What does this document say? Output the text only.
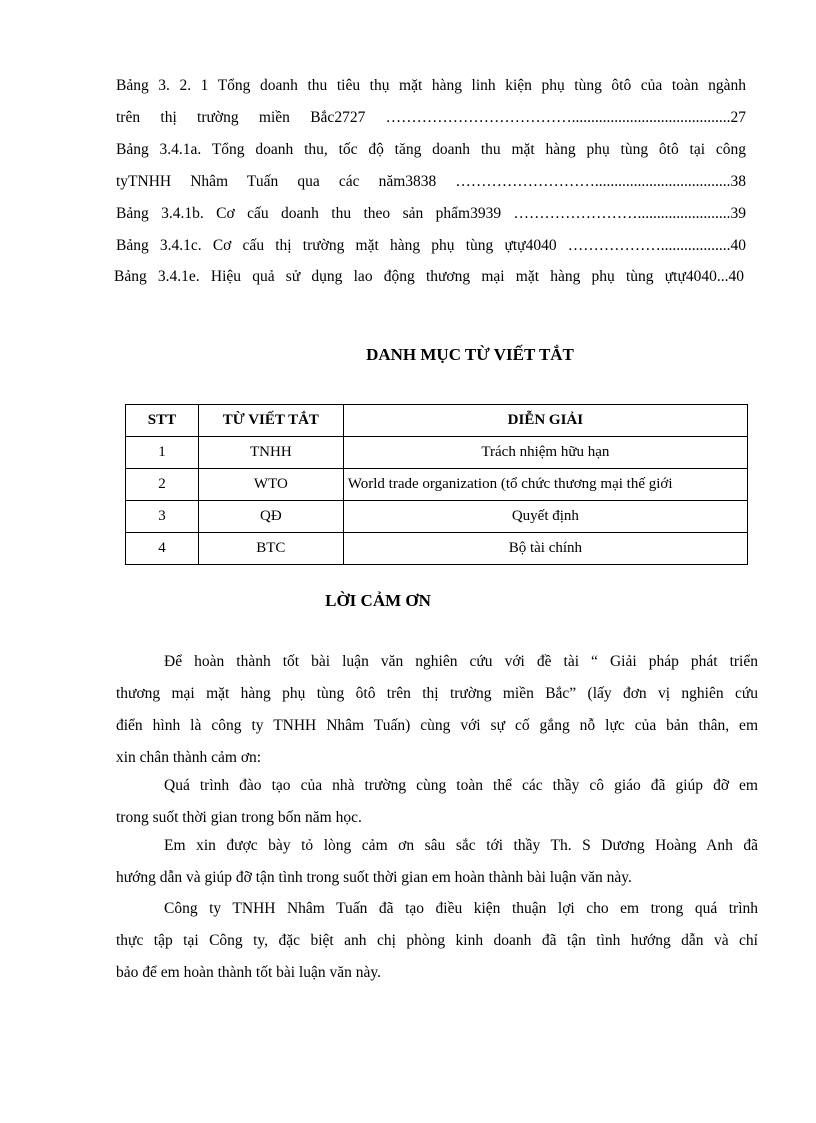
Bảng 3. 2. 1 Tổng doanh thu tiêu thụ mặt hàng linh kiện phụ tùng ôtô của toàn ngành
trên thị trường miền Bắc2727 ……………………………….........................................27
Bảng 3.4.1a. Tổng doanh thu, tốc độ tăng doanh thu mặt hàng phụ tùng ôtô tại công
tyTNHH Nhâm Tuấn qua các năm3838 ………………………...................................38
Bảng 3.4.1b. Cơ cấu doanh thu theo sản phẩm3939 ……………………........................39
Bảng 3.4.1c. Cơ cấu thị trường mặt hàng phụ tùng ựtự4040 ………………..................40
Bảng 3.4.1e. Hiệu quả sử dụng lao động thương mại mặt hàng phụ tùng ựtự4040...40
DANH MỤC TỪ VIẾT TẮT
STT	TỪ VIẾT TẮT	DIỄN GIẢI
1	TNHH	Trách nhiệm hữu hạn
2	WTO	World trade organization (tổ chức thương mại thế giới
3	QĐ	Quyết định
4	BTC	Bộ tài chính
LỜI CẢM ƠN
Để hoàn thành tốt bài luận văn nghiên cứu với đề tài “ Giải pháp phát triển
thương mại mặt hàng phụ tùng ôtô trên thị trường miền Bắc” (lấy đơn vị nghiên cứu
điển hình là công ty TNHH Nhâm Tuấn) cùng với sự cố gắng nỗ lực của bản thân, em
xin chân thành cảm ơn:
Quá trình đào tạo của nhà trường cùng toàn thể các thầy cô giáo đã giúp đỡ em
trong suốt thời gian trong bốn năm học.
Em xin được bày tỏ lòng cảm ơn sâu sắc tới thầy Th. S Dương Hoàng Anh đã
hướng dẫn và giúp đỡ tận tình trong suốt thời gian em hoàn thành bài luận văn này.
Công ty TNHH Nhâm Tuấn đã tạo điều kiện thuận lợi cho em trong quá trình
thực tập tại Công ty, đặc biệt anh chị phòng kinh doanh đã tận tình hướng dẫn và chỉ
bảo để em hoàn thành tốt bài luận văn này.
